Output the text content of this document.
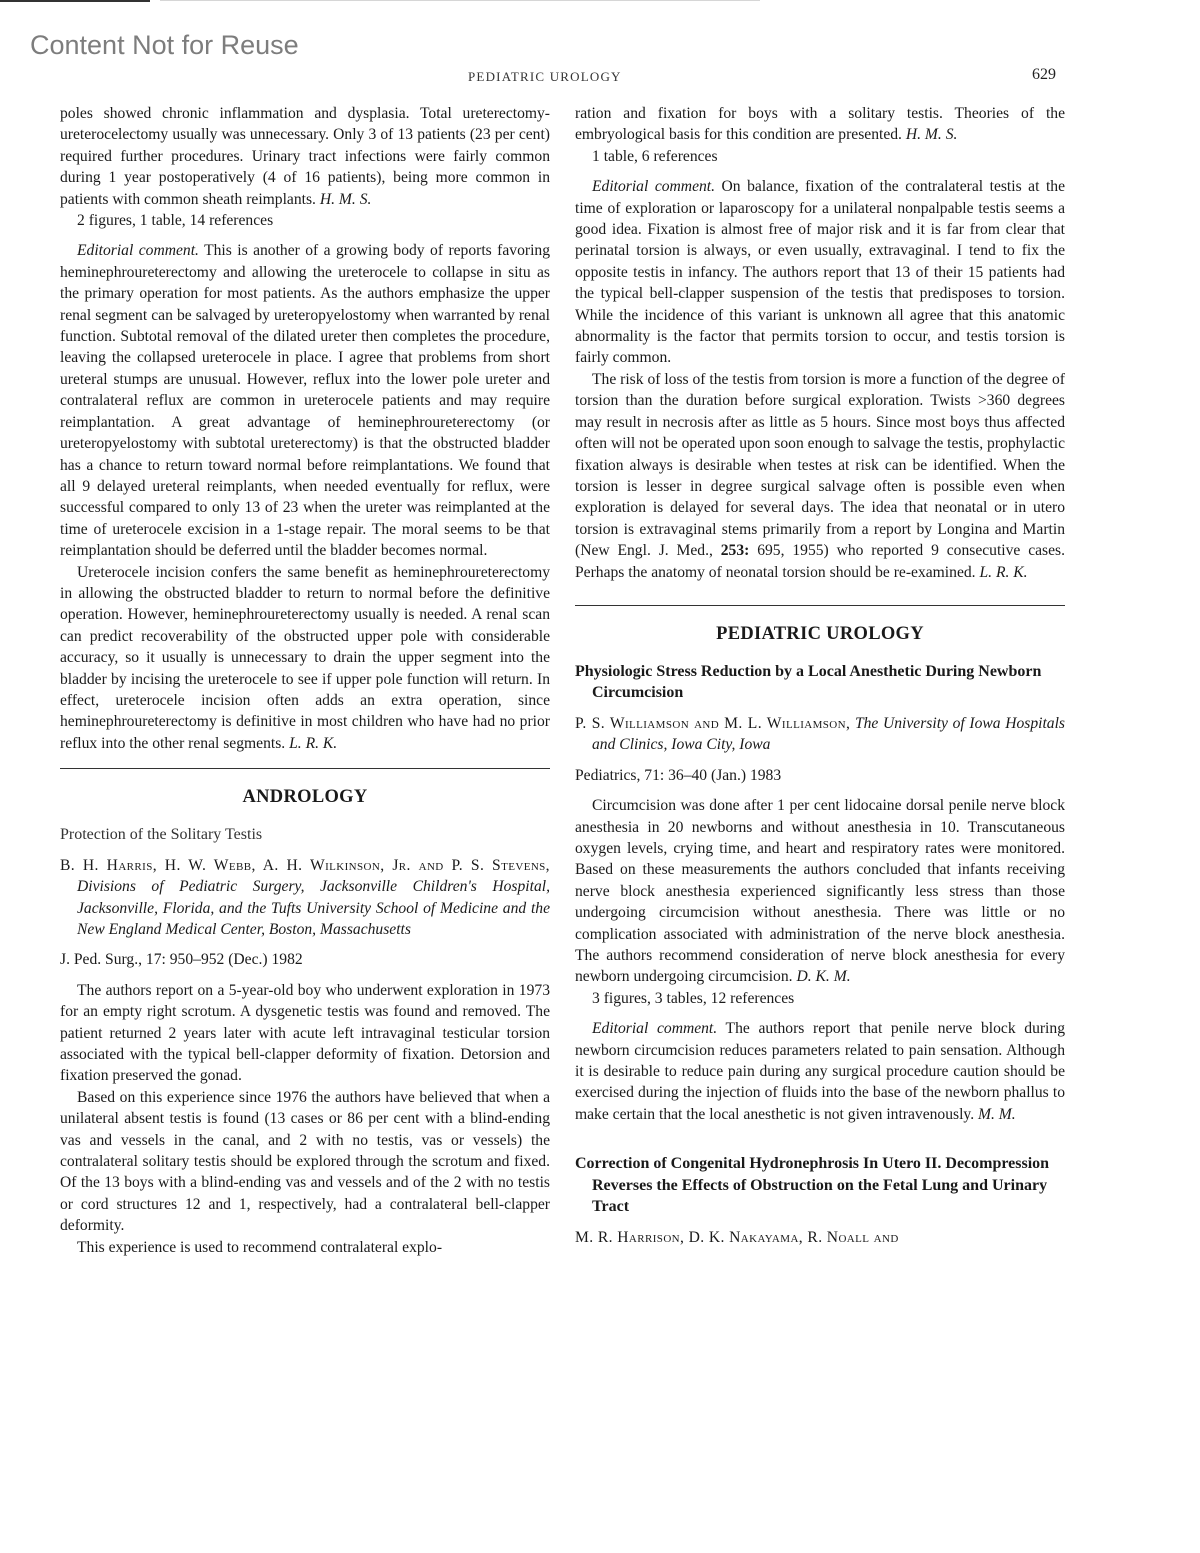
Content Not for Reuse
PEDIATRIC UROLOGY	629

poles showed chronic inflammation and dysplasia. Total ureterectomy-ureterocelectomy usually was unnecessary. Only 3 of 13 patients (23 per cent) required further procedures. Urinary tract infections were fairly common during 1 year postoperatively (4 of 16 patients), being more common in patients with common sheath reimplants. H. M. S.

2 figures, 1 table, 14 references

Editorial comment. This is another of a growing body of reports favoring heminephroureterectomy and allowing the ureterocele to collapse in situ as the primary operation for most patients. As the authors emphasize the upper renal segment can be salvaged by ureteropyelostomy when warranted by renal function. Subtotal removal of the dilated ureter then completes the procedure, leaving the collapsed ureterocele in place. I agree that problems from short ureteral stumps are unusual. However, reflux into the lower pole ureter and contralateral reflux are common in ureterocele patients and may require reimplantation. A great advantage of heminephroureterectomy (or ureteropyelostomy with subtotal ureterectomy) is that the obstructed bladder has a chance to return toward normal before reimplantations. We found that all 9 delayed ureteral reimplants, when needed eventually for reflux, were successful compared to only 13 of 23 when the ureter was reimplanted at the time of ureterocele excision in a 1-stage repair. The moral seems to be that reimplantation should be deferred until the bladder becomes normal.

Ureterocele incision confers the same benefit as heminephroureterectomy in allowing the obstructed bladder to return to normal before the definitive operation. However, heminephroureterectomy usually is needed. A renal scan can predict recoverability of the obstructed upper pole with considerable accuracy, so it usually is unnecessary to drain the upper segment into the bladder by incising the ureterocele to see if upper pole function will return. In effect, ureterocele incision often adds an extra operation, since heminephroureterectomy is definitive in most children who have had no prior reflux into the other renal segments. L. R. K.

ANDROLOGY
Protection of the Solitary Testis
B. H. Harris, H. W. Webb, A. H. Wilkinson, Jr. and P. S. Stevens, Divisions of Pediatric Surgery, Jacksonville Children's Hospital, Jacksonville, Florida, and the Tufts University School of Medicine and the New England Medical Center, Boston, Massachusetts
J. Ped. Surg., 17: 950–952 (Dec.) 1982

The authors report on a 5-year-old boy who underwent exploration in 1973 for an empty right scrotum. A dysgenetic testis was found and removed. The patient returned 2 years later with acute left intravaginal testicular torsion associated with the typical bell-clapper deformity of fixation. Detorsion and fixation preserved the gonad.

Based on this experience since 1976 the authors have believed that when a unilateral absent testis is found (13 cases or 86 per cent with a blind-ending vas and vessels in the canal, and 2 with no testis, vas or vessels) the contralateral solitary testis should be explored through the scrotum and fixed. Of the 13 boys with a blind-ending vas and vessels and of the 2 with no testis or cord structures 12 and 1, respectively, had a contralateral bell-clapper deformity.

This experience is used to recommend contralateral explo-

ration and fixation for boys with a solitary testis. Theories of the embryological basis for this condition are presented. H. M. S.

1 table, 6 references

Editorial comment. On balance, fixation of the contralateral testis at the time of exploration or laparoscopy for a unilateral nonpalpable testis seems a good idea. Fixation is almost free of major risk and it is far from clear that perinatal torsion is always, or even usually, extravaginal. I tend to fix the opposite testis in infancy. The authors report that 13 of their 15 patients had the typical bell-clapper suspension of the testis that predisposes to torsion. While the incidence of this variant is unknown all agree that this anatomic abnormality is the factor that permits torsion to occur, and testis torsion is fairly common.

The risk of loss of the testis from torsion is more a function of the degree of torsion than the duration before surgical exploration. Twists >360 degrees may result in necrosis after as little as 5 hours. Since most boys thus affected often will not be operated upon soon enough to salvage the testis, prophylactic fixation always is desirable when testes at risk can be identified. When the torsion is lesser in degree surgical salvage often is possible even when exploration is delayed for several days. The idea that neonatal or in utero torsion is extravaginal stems primarily from a report by Longina and Martin (New Engl. J. Med., 253: 695, 1955) who reported 9 consecutive cases. Perhaps the anatomy of neonatal torsion should be re-examined. L. R. K.

PEDIATRIC UROLOGY
Physiologic Stress Reduction by a Local Anesthetic During Newborn Circumcision
P. S. Williamson and M. L. Williamson, The University of Iowa Hospitals and Clinics, Iowa City, Iowa
Pediatrics, 71: 36–40 (Jan.) 1983

Circumcision was done after 1 per cent lidocaine dorsal penile nerve block anesthesia in 20 newborns and without anesthesia in 10. Transcutaneous oxygen levels, crying time, and heart and respiratory rates were monitored. Based on these measurements the authors concluded that infants receiving nerve block anesthesia experienced significantly less stress than those undergoing circumcision without anesthesia. There was little or no complication associated with administration of the nerve block anesthesia. The authors recommend consideration of nerve block anesthesia for every newborn undergoing circumcision. D. K. M.

3 figures, 3 tables, 12 references

Editorial comment. The authors report that penile nerve block during newborn circumcision reduces parameters related to pain sensation. Although it is desirable to reduce pain during any surgical procedure caution should be exercised during the injection of fluids into the base of the newborn phallus to make certain that the local anesthetic is not given intravenously. M. M.

Correction of Congenital Hydronephrosis In Utero II. Decompression Reverses the Effects of Obstruction on the Fetal Lung and Urinary Tract
M. R. Harrison, D. K. Nakayama, R. Noall and
